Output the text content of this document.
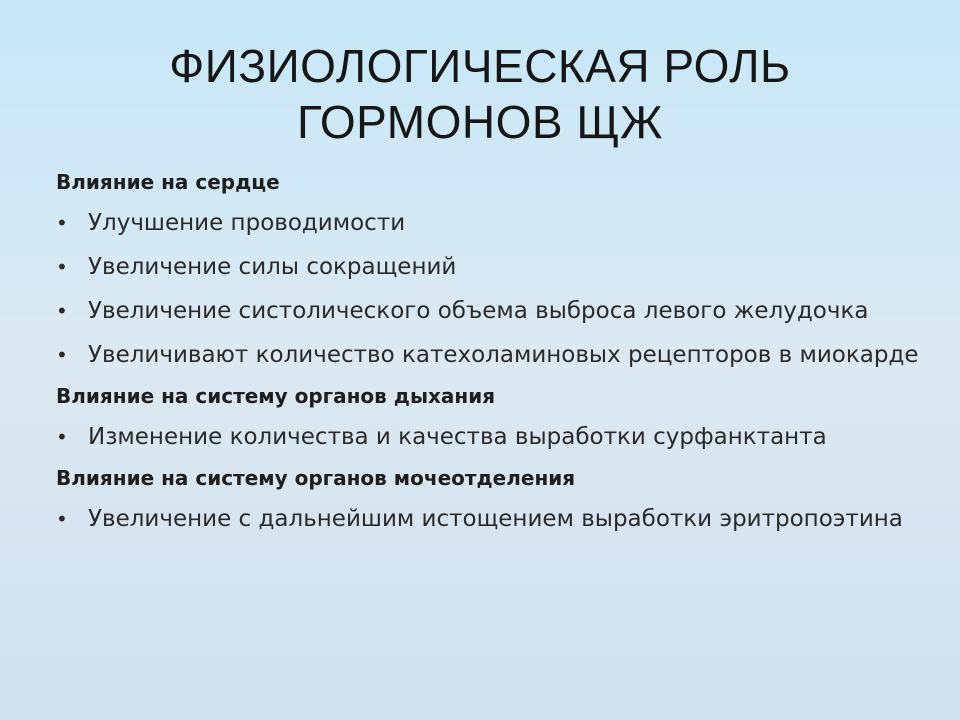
ФИЗИОЛОГИЧЕСКАЯ РОЛЬ
ГОРМОНОВ ЩЖ
Влияние на сердце
• Улучшение проводимости
• Увеличение силы сокращений
• Увеличение систолического объема выброса левого желудочка
• Увеличивают количество катехоламиновых рецепторов в миокарде
Влияние на систему органов дыхания
• Изменение количества и качества выработки сурфанктанта
Влияние на систему органов мочеотделения
• Увеличение с дальнейшим истощением выработки эритропоэтина
